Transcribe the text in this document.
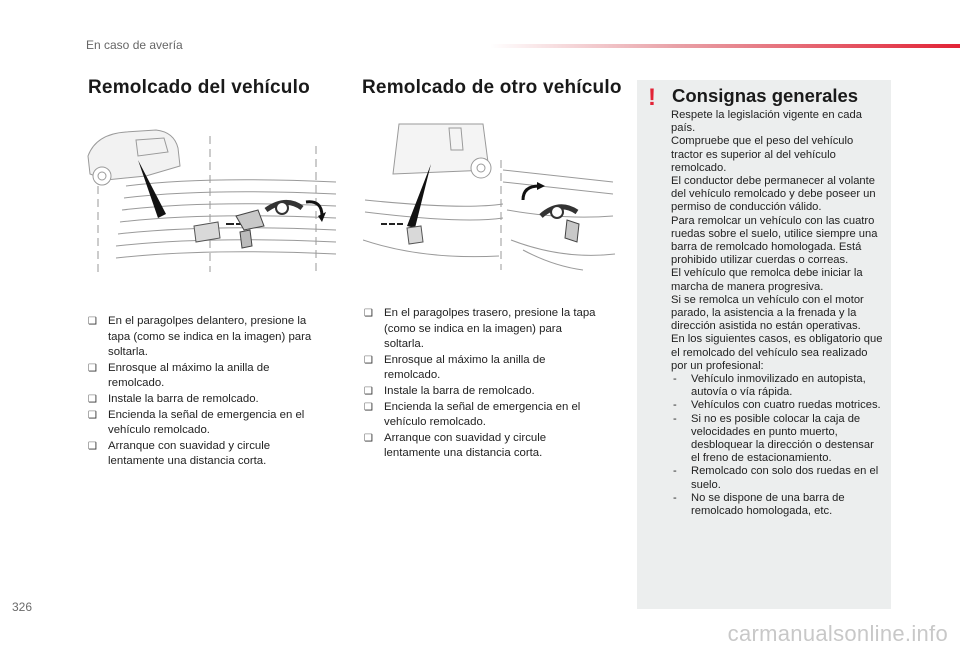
En caso de avería
Remolcado del vehículo
❑ En el paragolpes delantero, presione la tapa (como se indica en la imagen) para soltarla.
❑ Enrosque al máximo la anilla de remolcado.
❑ Instale la barra de remolcado.
❑ Encienda la señal de emergencia en el vehículo remolcado.
❑ Arranque con suavidad y circule lentamente una distancia corta.
Remolcado de otro vehículo
❑ En el paragolpes trasero, presione la tapa (como se indica en la imagen) para soltarla.
❑ Enrosque al máximo la anilla de remolcado.
❑ Instale la barra de remolcado.
❑ Encienda la señal de emergencia en el vehículo remolcado.
❑ Arranque con suavidad y circule lentamente una distancia corta.
! Consignas generales

Respete la legislación vigente en cada país.

Compruebe que el peso del vehículo tractor es superior al del vehículo remolcado.

El conductor debe permanecer al volante del vehículo remolcado y debe poseer un permiso de conducción válido.

Para remolcar un vehículo con las cuatro ruedas sobre el suelo, utilice siempre una barra de remolcado homologada. Está prohibido utilizar cuerdas o correas.

El vehículo que remolca debe iniciar la marcha de manera progresiva.

Si se remolca un vehículo con el motor parado, la asistencia a la frenada y la dirección asistida no están operativas.

En los siguientes casos, es obligatorio que el remolcado del vehículo sea realizado por un profesional:

- Vehículo inmovilizado en autopista, autovía o vía rápida.
- Vehículos con cuatro ruedas motrices.
- Si no es posible colocar la caja de velocidades en punto muerto, desbloquear la dirección o destensar el freno de estacionamiento.
- Remolcado con solo dos ruedas en el suelo.
- No se dispone de una barra de remolcado homologada, etc.
326
carmanualsonline.info
